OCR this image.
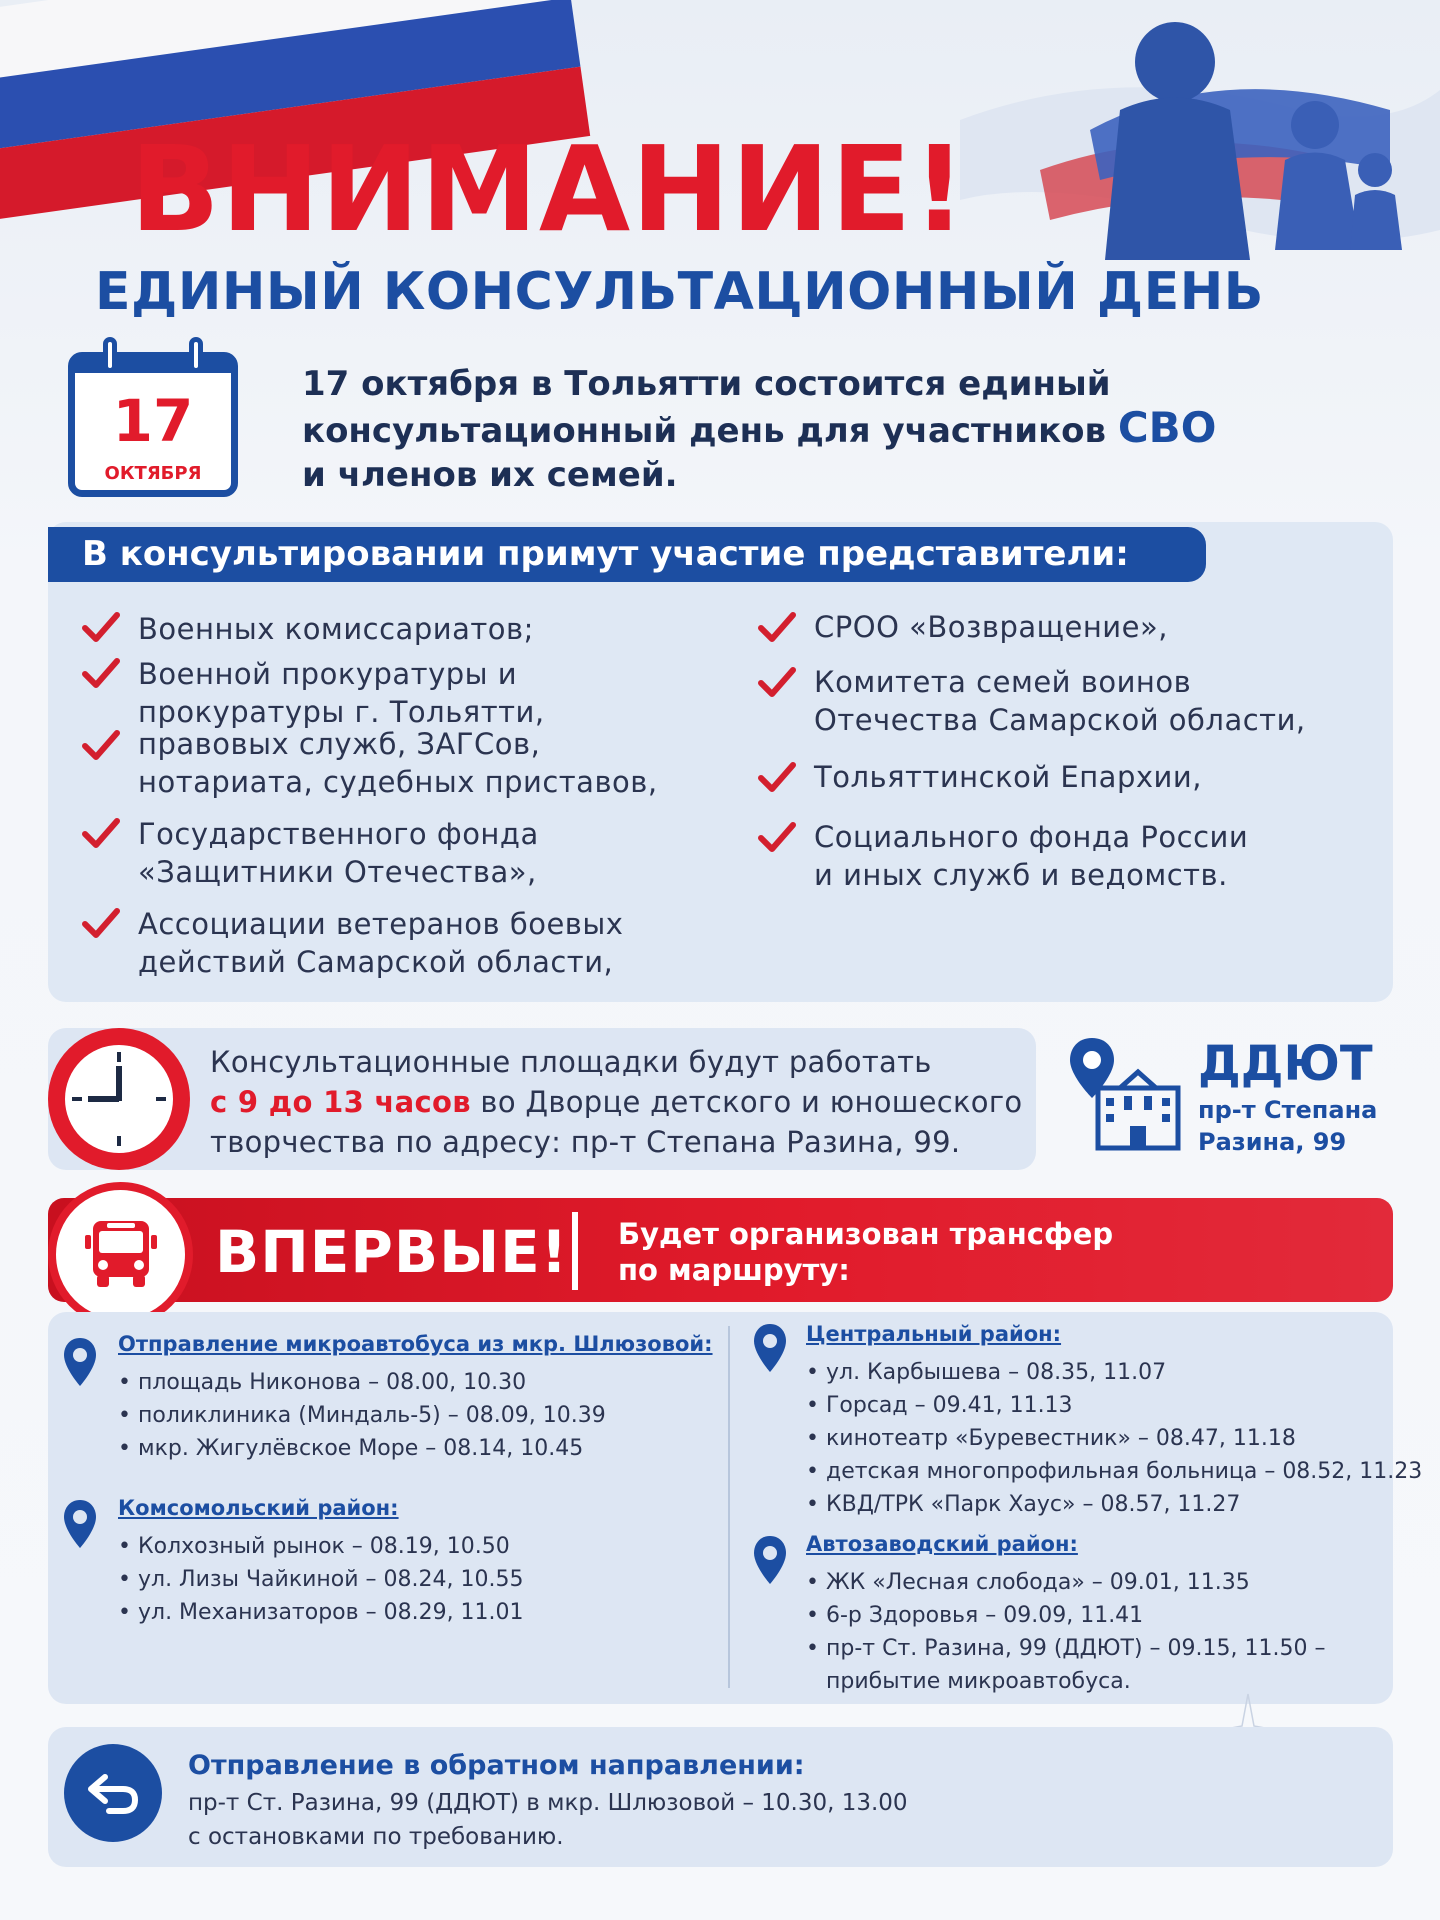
ВНИМАНИЕ!
ЕДИНЫЙ КОНСУЛЬТАЦИОННЫЙ ДЕНЬ
17
ОКТЯБРЯ
17 октября в Тольятти состоится единый
консультационный день для участников СВО
и членов их семей.
В консультировании примут участие представители:
Военных комиссариатов;
Военной прокуратуры и
прокуратуры г. Тольятти,
правовых служб, ЗАГСов,
нотариата, судебных приставов,
Государственного фонда
«Защитники Отечества»,
Ассоциации ветеранов боевых
действий Самарской области,
СРОО «Возвращение»,
Комитета семей воинов
Отечества Самарской области,
Тольяттинской Епархии,
Социального фонда России
и иных служб и ведомств.
Консультационные площадки будут работать
с 9 до 13 часов во Дворце детского и юношеского
творчества по адресу: пр-т Степана Разина, 99.
ДДЮТ
пр-т Степана
Разина, 99
ВПЕРВЫЕ! Будет организован трансфер
по маршруту:
Отправление микроавтобуса из мкр. Шлюзовой:
• площадь Никонова – 08.00, 10.30
• поликлиника (Миндаль-5) – 08.09, 10.39
• мкр. Жигулёвское Море – 08.14, 10.45
Комсомольский район:
• Колхозный рынок – 08.19, 10.50
• ул. Лизы Чайкиной – 08.24, 10.55
• ул. Механизаторов – 08.29, 11.01
Центральный район:
• ул. Карбышева – 08.35, 11.07
• Горсад – 09.41, 11.13
• кинотеатр «Буревестник» – 08.47, 11.18
• детская многопрофильная больница – 08.52, 11.23
• КВД/ТРК «Парк Хаус» – 08.57, 11.27
Автозаводский район:
• ЖК «Лесная слобода» – 09.01, 11.35
• 6-р Здоровья – 09.09, 11.41
• пр-т Ст. Разина, 99 (ДДЮТ) – 09.15, 11.50 –
прибытие микроавтобуса.
Отправление в обратном направлении:
пр-т Ст. Разина, 99 (ДДЮТ) в мкр. Шлюзовой – 10.30, 13.00
с остановками по требованию.
